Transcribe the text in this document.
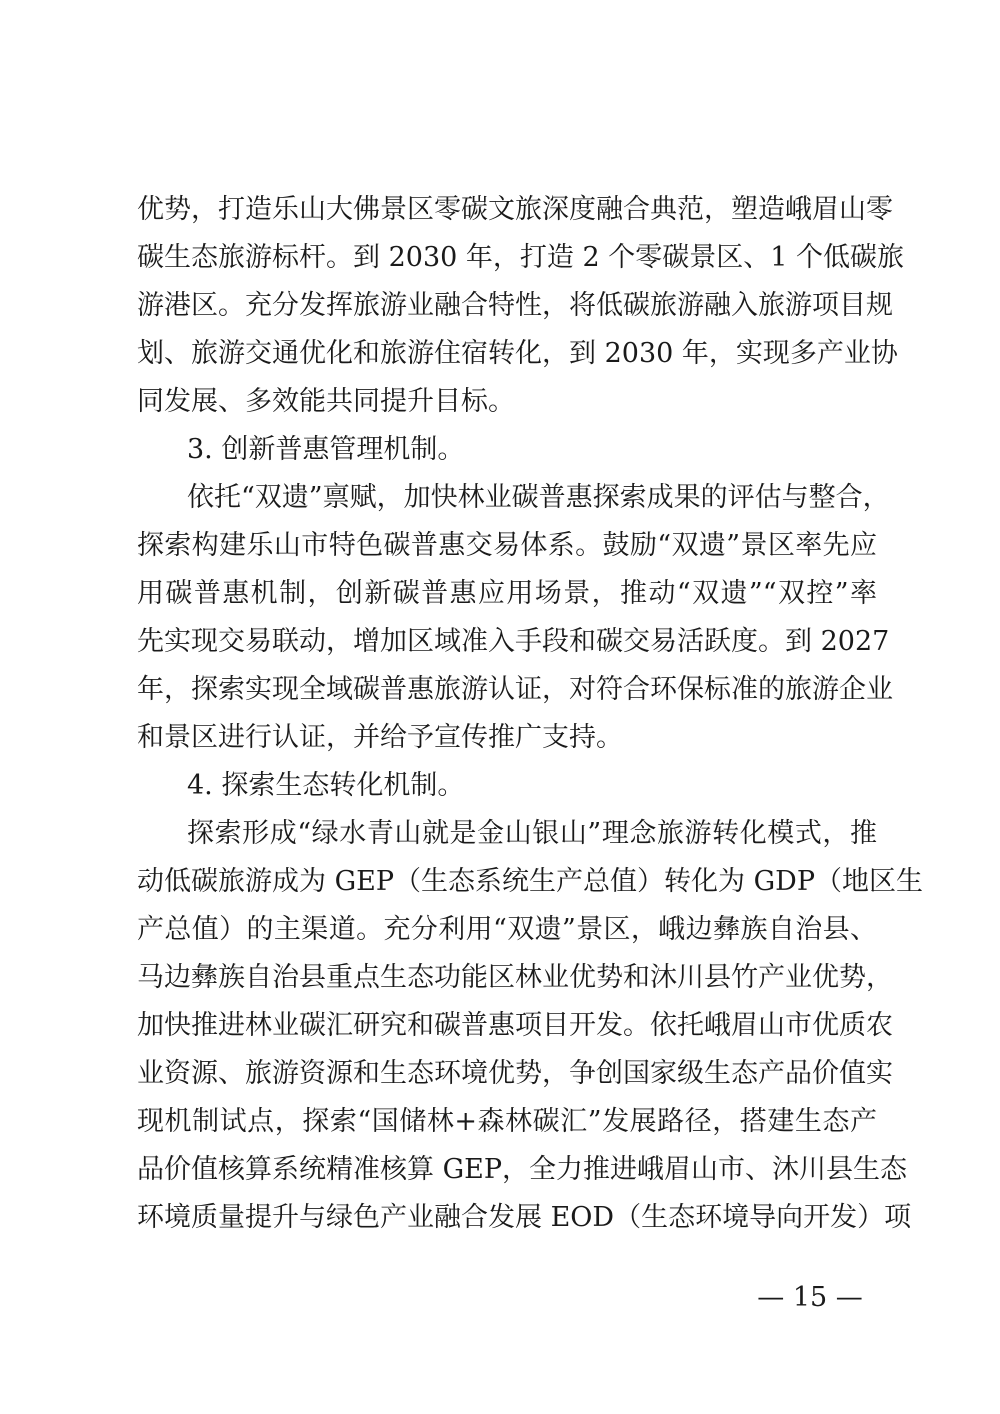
优势，打造乐山大佛景区零碳文旅深度融合典范，塑造峨眉山零
碳生态旅游标杆。到 2030 年，打造 2 个零碳景区、1 个低碳旅
游港区。充分发挥旅游业融合特性，将低碳旅游融入旅游项目规
划、旅游交通优化和旅游住宿转化，到 2030 年，实现多产业协
同发展、多效能共同提升目标。
3. 创新普惠管理机制。
依托“双遗”禀赋，加快林业碳普惠探索成果的评估与整合，
探索构建乐山市特色碳普惠交易体系。鼓励“双遗”景区率先应
用碳普惠机制，创新碳普惠应用场景，推动“双遗”“双控”率
先实现交易联动，增加区域准入手段和碳交易活跃度。到 2027
年，探索实现全域碳普惠旅游认证，对符合环保标准的旅游企业
和景区进行认证，并给予宣传推广支持。
4. 探索生态转化机制。
探索形成“绿水青山就是金山银山”理念旅游转化模式，推
动低碳旅游成为 GEP（生态系统生产总值）转化为 GDP（地区生
产总值）的主渠道。充分利用“双遗”景区，峨边彝族自治县、
马边彝族自治县重点生态功能区林业优势和沐川县竹产业优势，
加快推进林业碳汇研究和碳普惠项目开发。依托峨眉山市优质农
业资源、旅游资源和生态环境优势，争创国家级生态产品价值实
现机制试点，探索“国储林+森林碳汇”发展路径，搭建生态产
品价值核算系统精准核算 GEP，全力推进峨眉山市、沐川县生态
环境质量提升与绿色产业融合发展 EOD（生态环境导向开发）项
— 15 —
